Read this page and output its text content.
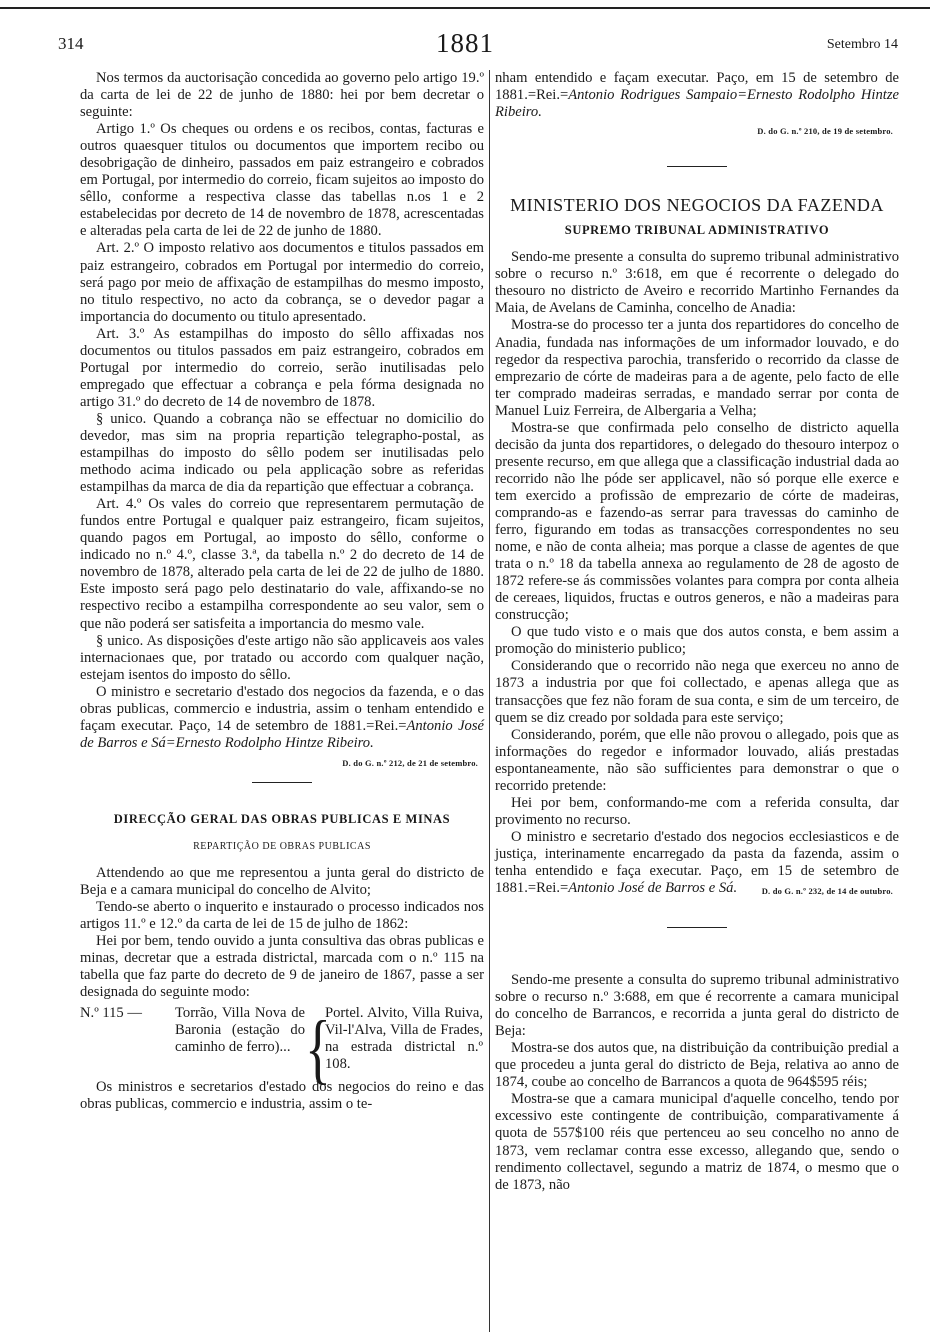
314	1881	Setembro 14

Nos termos da auctorisação concedida ao governo pelo artigo 19.º da carta de lei de 22 de junho de 1880: hei por bem decretar o seguinte:

Artigo 1.º Os cheques ou ordens e os recibos, contas, facturas e outros quaesquer titulos ou documentos que importem recibo ou desobrigação de dinheiro, passados em paiz estrangeiro e cobrados em Portugal, por intermedio do correio, ficam sujeitos ao imposto do sêllo, conforme a respectiva classe das tabellas n.os 1 e 2 estabelecidas por decreto de 14 de novembro de 1878, acrescentadas e alteradas pela carta de lei de 22 de junho de 1880.

Art. 2.º O imposto relativo aos documentos e titulos passados em paiz estrangeiro, cobrados em Portugal por intermedio do correio, será pago por meio de affixação de estampilhas do mesmo imposto, no titulo respectivo, no acto da cobrança, se o devedor pagar a importancia do documento ou titulo apresentado.

Art. 3.º As estampilhas do imposto do sêllo affixadas nos documentos ou titulos passados em paiz estrangeiro, cobrados em Portugal por intermedio do correio, serão inutilisadas pelo empregado que effectuar a cobrança e pela fórma designada no artigo 31.º do decreto de 14 de novembro de 1878.

§ unico. Quando a cobrança não se effectuar no domicilio do devedor, mas sim na propria repartição telegrapho-postal, as estampilhas do imposto do sêllo podem ser inutilisadas pelo methodo acima indicado ou pela applicação sobre as referidas estampilhas da marca de dia da repartição que effectuar a cobrança.

Art. 4.º Os vales do correio que representarem permutação de fundos entre Portugal e qualquer paiz estrangeiro, ficam sujeitos, quando pagos em Portugal, ao imposto do sêllo, conforme o indicado no n.º 4.º, classe 3.ª, da tabella n.º 2 do decreto de 14 de novembro de 1878, alterado pela carta de lei de 22 de julho de 1880. Este imposto será pago pelo destinatario do vale, affixando-se no respectivo recibo a estampilha correspondente ao seu valor, sem o que não poderá ser satisfeita a importancia do mesmo vale.

§ unico. As disposições d'este artigo não são applicaveis aos vales internacionaes que, por tratado ou accordo com qualquer nação, estejam isentos do imposto do sêllo.

O ministro e secretario d'estado dos negocios da fazenda, e o das obras publicas, commercio e industria, assim o tenham entendido e façam executar. Paço, 14 de setembro de 1881.=Rei.=Antonio José de Barros e Sá=Ernesto Rodolpho Hintze Ribeiro.
D. do G. n.º 212, de 21 de setembro.

DIRECÇÃO GERAL DAS OBRAS PUBLICAS E MINAS
REPARTIÇÃO DE OBRAS PUBLICAS

Attendendo ao que me representou a junta geral do districto de Beja e a camara municipal do concelho de Alvito;

Tendo-se aberto o inquerito e instaurado o processo indicados nos artigos 11.º e 12.º da carta de lei de 15 de julho de 1862:

Hei por bem, tendo ouvido a junta consultiva das obras publicas e minas, decretar que a estrada districtal, marcada com o n.º 115 na tabella que faz parte do decreto de 9 de janeiro de 1867, passe a ser designada do seguinte modo:

N.º 115 —	Torrão, Villa Nova de Baronia (estação do caminho de ferro)... {
Portel. Alvito, Villa Ruiva, Vil-l'Alva, Villa de Frades, na estrada districtal n.º 108.

Os ministros e secretarios d'estado dos negocios do reino e das obras publicas, commercio e industria, assim o te-

nham entendido e façam executar. Paço, em 15 de setembro de 1881.=Rei.=Antonio Rodrigues Sampaio=Ernesto Rodolpho Hintze Ribeiro.

D. do G. n.º 210, de 19 de setembro.
MINISTERIO DOS NEGOCIOS DA FAZENDA
SUPREMO TRIBUNAL ADMINISTRATIVO

Sendo-me presente a consulta do supremo tribunal administrativo sobre o recurso n.º 3:618, em que é recorrente o delegado do thesouro no districto de Aveiro e recorrido Martinho Fernandes da Maia, de Avelans de Caminha, concelho de Anadia:

Mostra-se do processo ter a junta dos repartidores do concelho de Anadia, fundada nas informações de um informador louvado, e do regedor da respectiva parochia, transferido o recorrido da classe de emprezario de córte de madeiras para a de agente, pelo facto de elle ter comprado madeiras serradas, e mandado serrar por conta de Manuel Luiz Ferreira, de Albergaria a Velha;

Mostra-se que confirmada pelo conselho de districto aquella decisão da junta dos repartidores, o delegado do thesouro interpoz o presente recurso, em que allega que a classificação industrial dada ao recorrido não lhe póde ser applicavel, não só porque elle exerce e tem exercido a profissão de emprezario de córte de madeiras, comprando-as e fazendo-as serrar para travessas do caminho de ferro, figurando em todas as transacções correspondentes no seu nome, e não de conta alheia; mas porque a classe de agentes de que trata o n.º 18 da tabella annexa ao regulamento de 28 de agosto de 1872 refere-se ás commissões volantes para compra por conta alheia de cereaes, liquidos, fructas e outros generos, e não a madeiras para construcção;

O que tudo visto e o mais que dos autos consta, e bem assim a promoção do ministerio publico;

Considerando que o recorrido não nega que exerceu no anno de 1873 a industria por que foi collectado, e apenas allega que as transacções que fez não foram de sua conta, e sim de um terceiro, de quem se diz creado por soldada para este serviço;

Considerando, porém, que elle não provou o allegado, pois que as informações do regedor e informador louvado, aliás prestadas espontaneamente, não são sufficientes para demonstrar o que o recorrido pretende:

Hei por bem, conformando-me com a referida consulta, dar provimento no recurso.

O ministro e secretario d'estado dos negocios ecclesiasticos e de justiça, interinamente encarregado da pasta da fazenda, assim o tenha entendido e faça executar. Paço, em 15 de setembro de 1881.=Rei.=Antonio José de Barros e Sá.	D. do G. n.º 232, de 14 de outubro.

Sendo-me presente a consulta do supremo tribunal administrativo sobre o recurso n.º 3:688, em que é recorrente a camara municipal do concelho de Barrancos, e recorrida a junta geral do districto de Beja:

Mostra-se dos autos que, na distribuição da contribuição predial a que procedeu a junta geral do districto de Beja, relativa ao anno de 1874, coube ao concelho de Barrancos a quota de 964$595 réis;

Mostra-se que a camara municipal d'aquelle concelho, tendo por excessivo este contingente de contribuição, comparativamente á quota de 557$100 réis que pertenceu ao seu concelho no anno de 1873, vem reclamar contra esse excesso, allegando que, sendo o rendimento collectavel, segundo a matriz de 1874, o mesmo que o de 1873, não
